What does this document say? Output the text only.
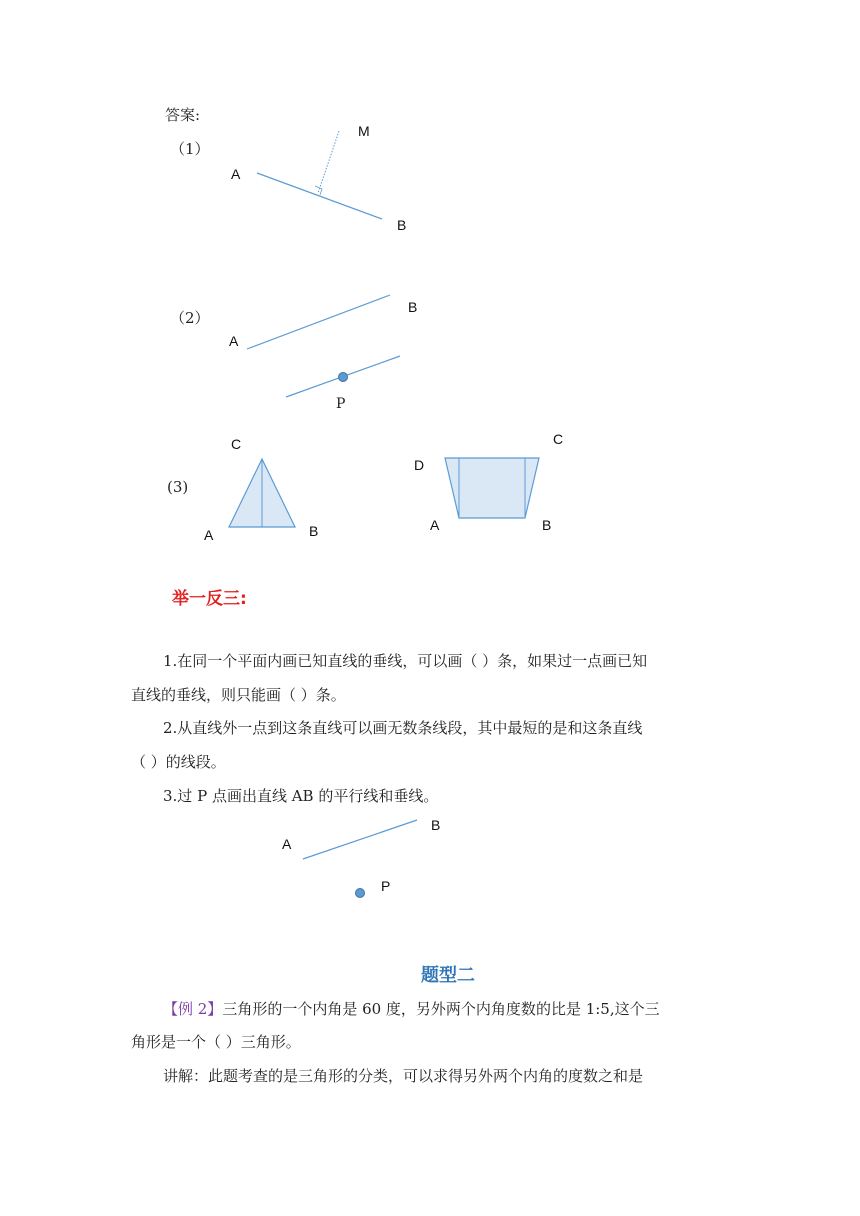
答案:
（1）
（2）
(3)
M
A
B
B
A
P
C
A	B
D
C
A	B
举一反三:
1.在同一个平面内画已知直线的垂线，可以画（ ）条，如果过一点画已知
直线的垂线，则只能画（ ）条。
2.从直线外一点到这条直线可以画无数条线段，其中最短的是和这条直线
（ ）的线段。
3.过 P 点画出直线 AB 的平行线和垂线。
A
B
P
题型二
【例 2】三角形的一个内角是 60 度，另外两个内角度数的比是 1:5,这个三
角形是一个（ ）三角形。
讲解：此题考查的是三角形的分类，可以求得另外两个内角的度数之和是
